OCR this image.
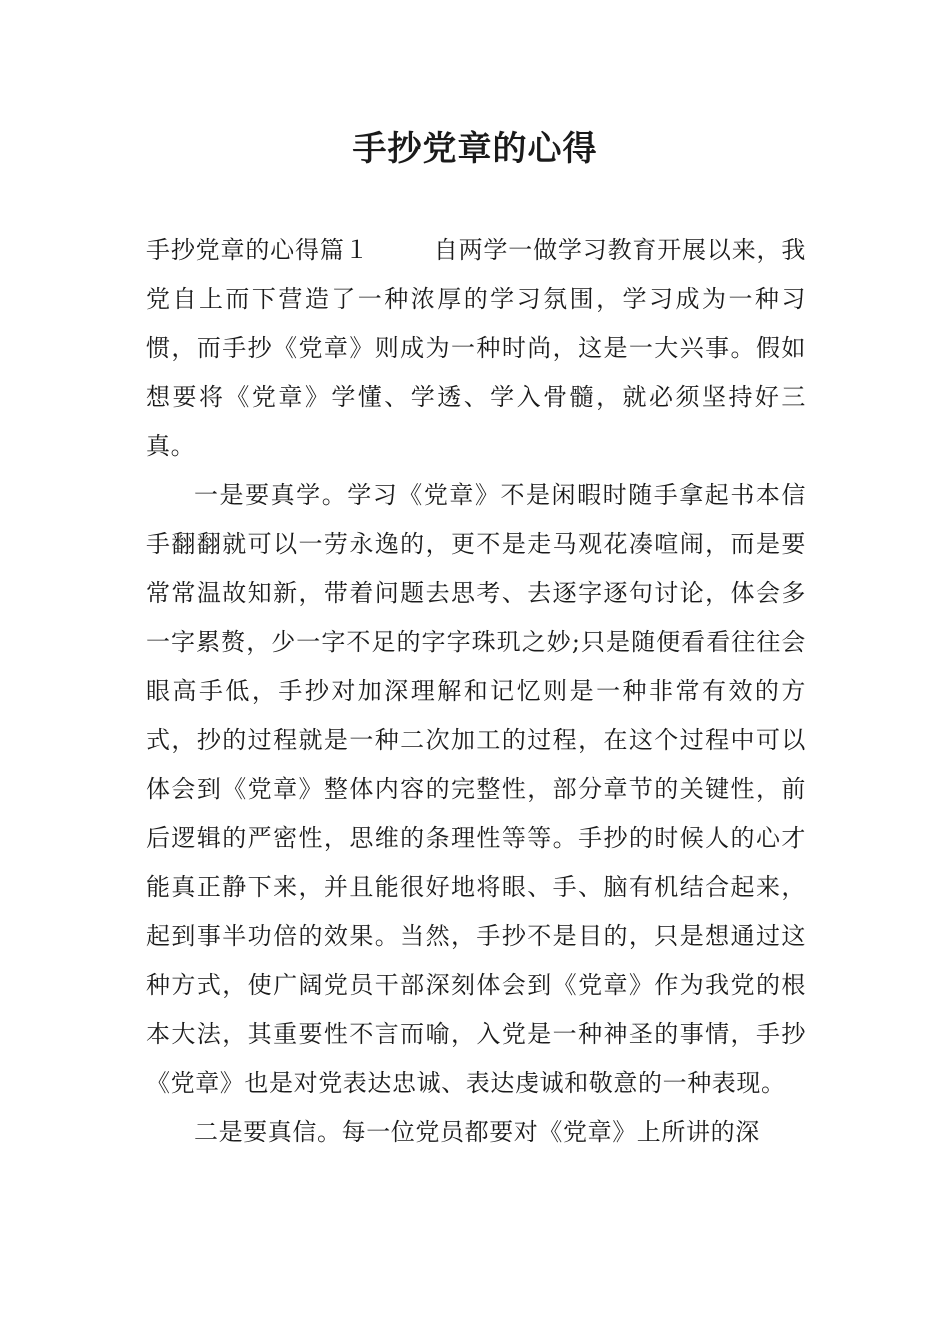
手抄党章的心得

手抄党章的心得篇１	自两学一做学习教育开展以来，我党自上而下营造了一种浓厚的学习氛围，学习成为一种习惯，而手抄《党章》则成为一种时尚，这是一大兴事。假如想要将《党章》学懂、学透、学入骨髓，就必须坚持好三真。

一是要真学。学习《党章》不是闲暇时随手拿起书本信手翻翻就可以一劳永逸的，更不是走马观花凑喧闹，而是要常常温故知新，带着问题去思考、去逐字逐句讨论，体会多一字累赘，少一字不足的字字珠玑之妙;只是随便看看往往会眼高手低，手抄对加深理解和记忆则是一种非常有效的方式，抄的过程就是一种二次加工的过程，在这个过程中可以体会到《党章》整体内容的完整性，部分章节的关键性，前后逻辑的严密性，思维的条理性等等。手抄的时候人的心才能真正静下来，并且能很好地将眼、手、脑有机结合起来，起到事半功倍的效果。当然，手抄不是目的，只是想通过这种方式，使广阔党员干部深刻体会到《党章》作为我党的根本大法，其重要性不言而喻，入党是一种神圣的事情，手抄《党章》也是对党表达忠诚、表达虔诚和敬意的一种表现。

二是要真信。每一位党员都要对《党章》上所讲的深
